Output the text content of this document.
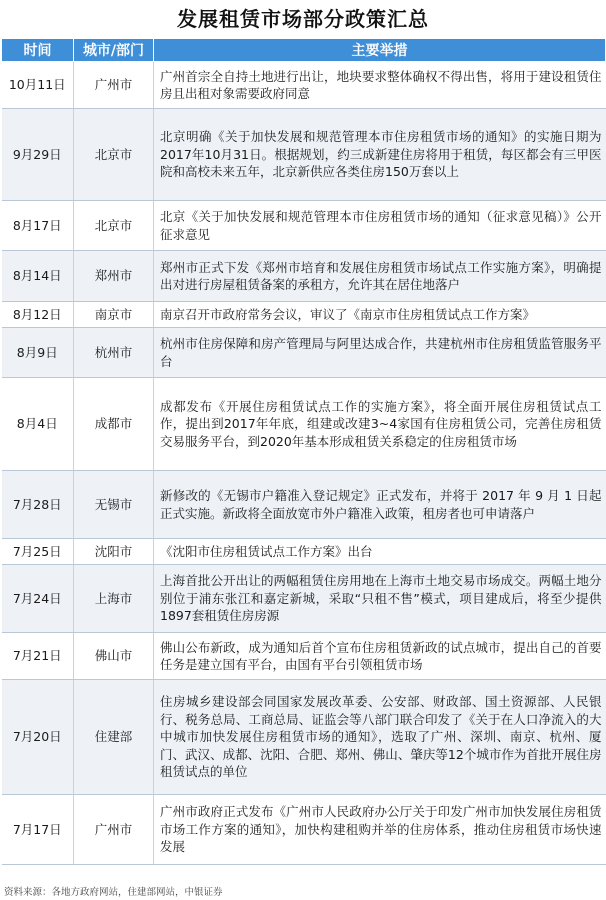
发展租赁市场部分政策汇总
时间	城市/部门	主要举措
10月11日	广州市	广州首宗全自持土地进行出让，地块要求整体确权不得出售，将用于建设租赁住房且出租对象需要政府同意
9月29日	北京市	北京明确《关于加快发展和规范管理本市住房租赁市场的通知》的实施日期为2017年10月31日。根据规划，约三成新建住房将用于租赁，每区都会有三甲医院和高校未来五年，北京新供应各类住房150万套以上
8月17日	北京市	北京《关于加快发展和规范管理本市住房租赁市场的通知（征求意见稿）》公开征求意见
8月14日	郑州市	郑州市正式下发《郑州市培育和发展住房租赁市场试点工作实施方案》，明确提出对进行房屋租赁备案的承租方，允许其在居住地落户
8月12日	南京市	南京召开市政府常务会议，审议了《南京市住房租赁试点工作方案》
8月9日	杭州市	杭州市住房保障和房产管理局与阿里达成合作，共建杭州市住房租赁监管服务平台
8月4日	成都市	成都发布《开展住房租赁试点工作的实施方案》，将全面开展住房租赁试点工作，提出到2017年年底，组建或改建3~4家国有住房租赁公司，完善住房租赁交易服务平台，到2020年基本形成租赁关系稳定的住房租赁市场
7月28日	无锡市	新修改的《无锡市户籍准入登记规定》正式发布，并将于 2017 年 9 月 1 日起正式实施。新政将全面放宽市外户籍准入政策，租房者也可申请落户
7月25日	沈阳市	《沈阳市住房租赁试点工作方案》出台
7月24日	上海市	上海首批公开出让的两幅租赁住房用地在上海市土地交易市场成交。两幅土地分别位于浦东张江和嘉定新城，采取“只租不售”模式，项目建成后，将至少提供1897套租赁住房房源
7月21日	佛山市	佛山公布新政，成为通知后首个宣布住房租赁新政的试点城市，提出自己的首要任务是建立国有平台，由国有平台引领租赁市场
7月20日	住建部	住房城乡建设部会同国家发展改革委、公安部、财政部、国土资源部、人民银行、税务总局、工商总局、证监会等八部门联合印发了《关于在人口净流入的大中城市加快发展住房租赁市场的通知》，选取了广州、深圳、南京、杭州、厦门、武汉、成都、沈阳、合肥、郑州、佛山、肇庆等12个城市作为首批开展住房租赁试点的单位
7月17日	广州市	广州市政府正式发布《广州市人民政府办公厅关于印发广州市加快发展住房租赁市场工作方案的通知》，加快构建租购并举的住房体系，推动住房租赁市场快速发展
资料来源：各地方政府网站，住建部网站，中银证券
